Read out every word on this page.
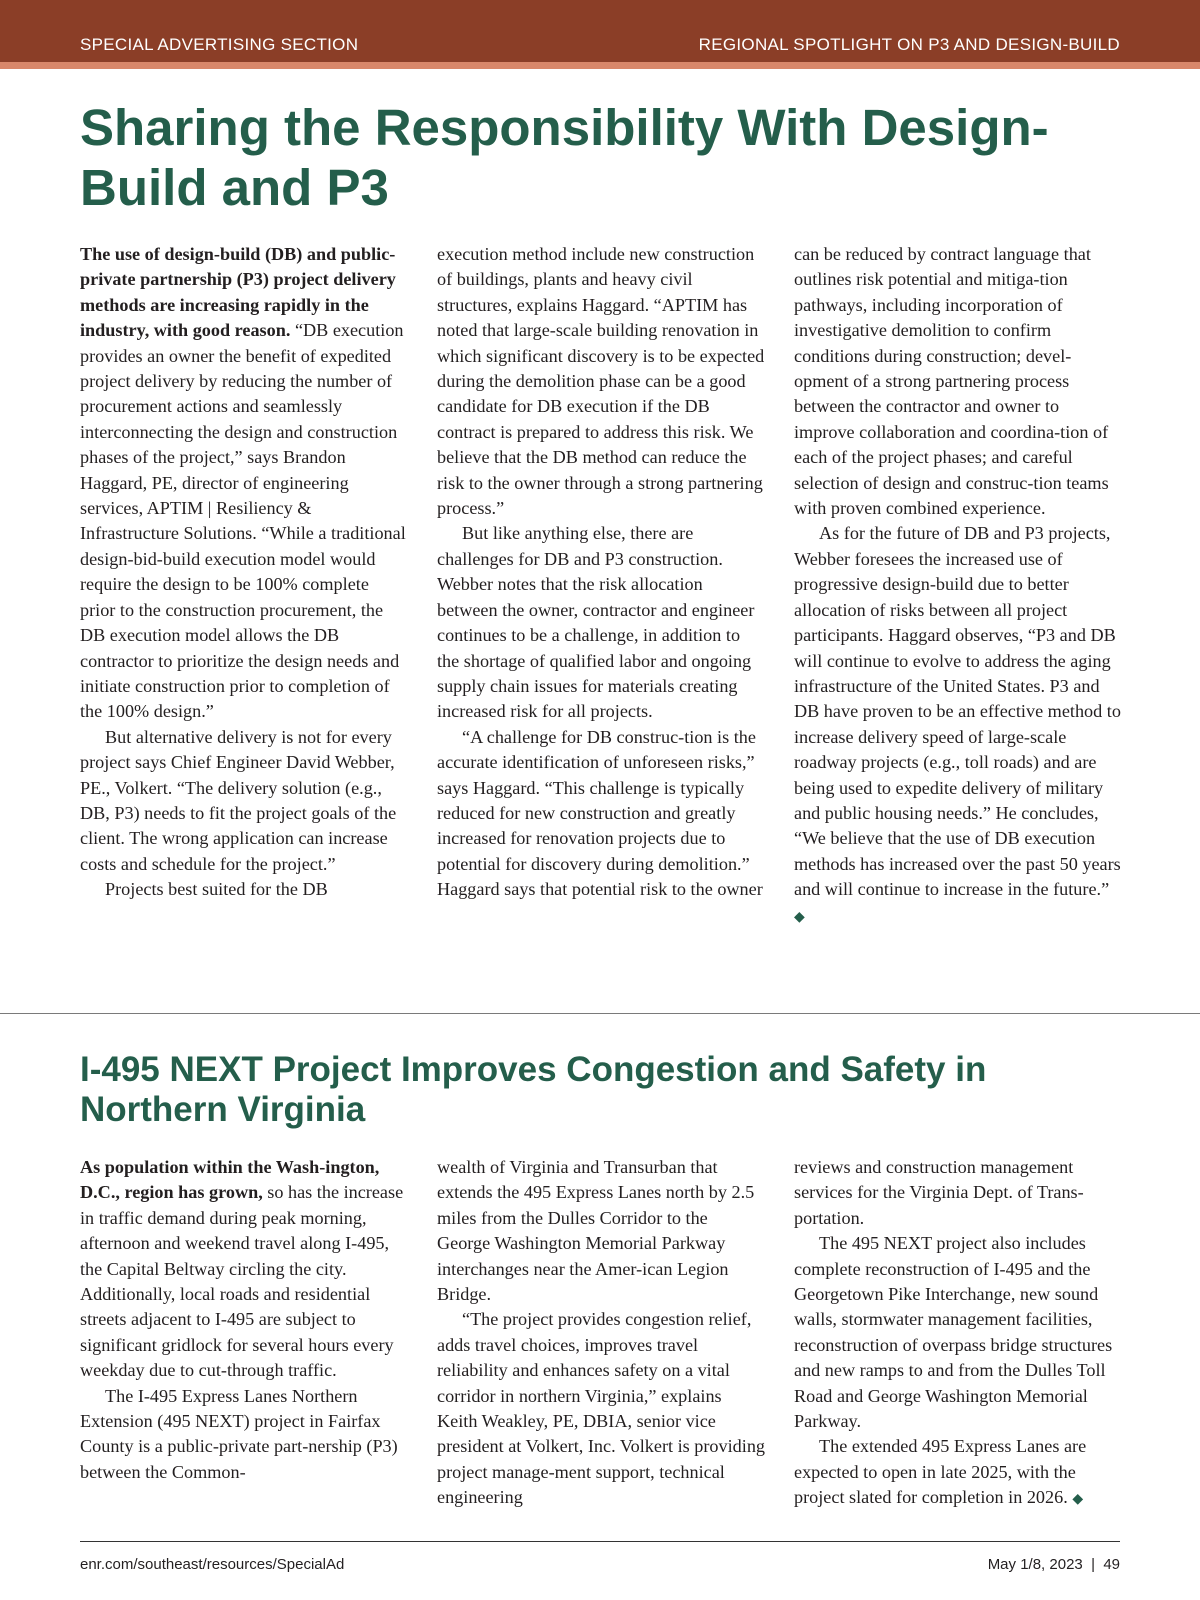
SPECIAL ADVERTISING SECTION	REGIONAL SPOTLIGHT ON P3 AND DESIGN-BUILD
Sharing the Responsibility With Design-Build and P3

The use of design-build (DB) and public-private partnership (P3) project delivery methods are increasing rapidly in the industry, with good reason. “DB execution provides an owner the benefit of expedited project delivery by reducing the number of procurement actions and seamlessly interconnecting the design and construction phases of the project,” says Brandon Haggard, PE, director of engineering services, APTIM | Resiliency & Infrastructure Solutions. “While a traditional design-bid-build execution model would require the design to be 100% complete prior to the construction procurement, the DB execution model allows the DB contractor to prioritize the design needs and initiate construction prior to completion of the 100% design.”

But alternative delivery is not for every project says Chief Engineer David Webber, PE., Volkert. “The delivery solution (e.g., DB, P3) needs to fit the project goals of the client. The wrong application can increase costs and schedule for the project.”

Projects best suited for the DB

execution method include new construction of buildings, plants and heavy civil structures, explains Haggard. “APTIM has noted that large-scale building renovation in which significant discovery is to be expected during the demolition phase can be a good candidate for DB execution if the DB contract is prepared to address this risk. We believe that the DB method can reduce the risk to the owner through a strong partnering process.”

But like anything else, there are challenges for DB and P3 construction. Webber notes that the risk allocation between the owner, contractor and engineer continues to be a challenge, in addition to the shortage of qualified labor and ongoing supply chain issues for materials creating increased risk for all projects.

“A challenge for DB construc-tion is the accurate identification of unforeseen risks,” says Haggard. “This challenge is typically reduced for new construction and greatly increased for renovation projects due to potential for discovery during demolition.” Haggard says that potential risk to the owner

can be reduced by contract language that outlines risk potential and mitiga-tion pathways, including incorporation of investigative demolition to confirm conditions during construction; devel-opment of a strong partnering process between the contractor and owner to improve collaboration and coordina-tion of each of the project phases; and careful selection of design and construc-tion teams with proven combined experience.

As for the future of DB and P3 projects, Webber foresees the increased use of progressive design-build due to better allocation of risks between all project participants. Haggard observes, “P3 and DB will continue to evolve to address the aging infrastructure of the United States. P3 and DB have proven to be an effective method to increase delivery speed of large-scale roadway projects (e.g., toll roads) and are being used to expedite delivery of military and public housing needs.” He concludes, “We believe that the use of DB execution methods has increased over the past 50 years and will continue to increase in the future.” ◆

I-495 NEXT Project Improves Congestion and Safety in Northern Virginia

As population within the Wash-ington, D.C., region has grown, so has the increase in traffic demand during peak morning, afternoon and weekend travel along I-495, the Capital Beltway circling the city. Additionally, local roads and residential streets adjacent to I-495 are subject to significant gridlock for several hours every weekday due to cut-through traffic.

The I-495 Express Lanes Northern Extension (495 NEXT) project in Fairfax County is a public-private part-nership (P3) between the Common-

wealth of Virginia and Transurban that extends the 495 Express Lanes north by 2.5 miles from the Dulles Corridor to the George Washington Memorial Parkway interchanges near the Amer-ican Legion Bridge.

“The project provides congestion relief, adds travel choices, improves travel reliability and enhances safety on a vital corridor in northern Virginia,” explains Keith Weakley, PE, DBIA, senior vice president at Volkert, Inc. Volkert is providing project manage-ment support, technical engineering

reviews and construction management services for the Virginia Dept. of Trans-portation.

The 495 NEXT project also includes complete reconstruction of I-495 and the Georgetown Pike Interchange, new sound walls, stormwater management facilities, reconstruction of overpass bridge structures and new ramps to and from the Dulles Toll Road and George Washington Memorial Parkway.

The extended 495 Express Lanes are expected to open in late 2025, with the project slated for completion in 2026. ◆

enr.com/southeast/resources/SpecialAd	May 1/8, 2023  |  49
